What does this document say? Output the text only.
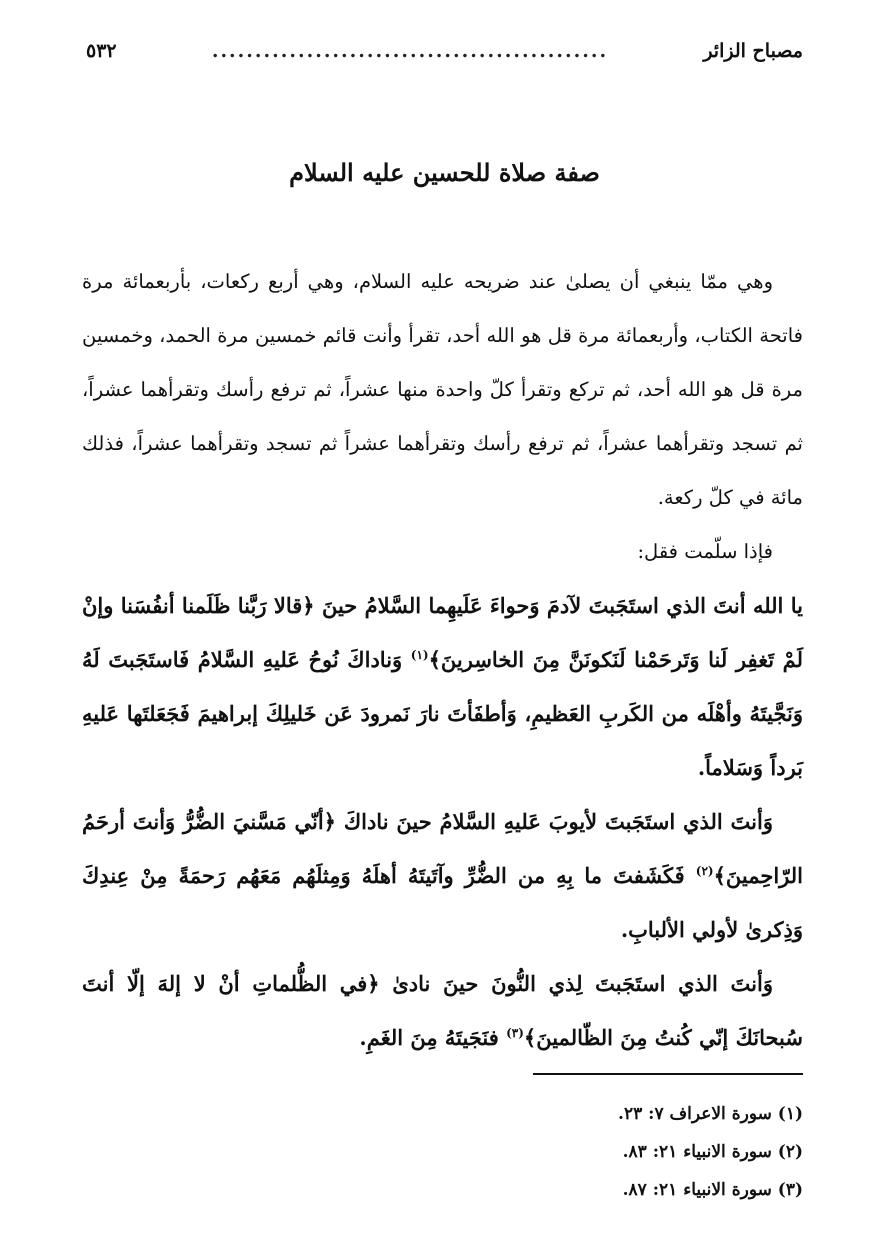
مصباح الزائر
..............................................
٥٣٢
صفة صلاة للحسين عليه السلام

وهي ممّا ينبغي أن يصلىٰ عند ضريحه عليه السلام، وهي أربع ركعات، بأربعمائة مرة فاتحة الكتاب، وأربعمائة مرة قل هو الله أحد، تقرأ وأنت قائم خمسين مرة الحمد، وخمسين مرة قل هو الله أحد، ثم تركع وتقرأ كلّ واحدة منها عشراً، ثم ترفع رأسك وتقرأهما عشراً، ثم تسجد وتقرأهما عشراً، ثم ترفع رأسك وتقرأهما عشراً ثم تسجد وتقرأهما عشراً، فذلك مائة في كلّ ركعة.

فإذا سلّمت فقل:

يا الله أنتَ الذي استَجَبتَ لآدمَ وَحواءَ عَلَيهِما السَّلامُ حينَ ﴿قالا رَبَّنا ظَلَمنا أنفُسَنا وإنْ لَمْ تَغفِر لَنا وَتَرحَمْنا لَنَكونَنَّ مِنَ الخاسِرينَ﴾$^{(١)}$ وَناداكَ نُوحُ عَليهِ السَّلامُ فَاستَجَبتَ لَهُ وَنَجَّيتَهُ وأهْلَه من الكَربِ العَظيمِ، وَأطفَأتَ نارَ نَمرودَ عَن خَليلِكَ إبراهيمَ فَجَعَلتَها عَليهِ بَرداً وَسَلاماً.

وَأنتَ الذي استَجَبتَ لأيوبَ عَليهِ السَّلامُ حينَ ناداكَ ﴿أنّي مَسَّنيَ الضُّرُّ وَأنتَ أرحَمُ الرّاحِمينَ﴾$^{(٢)}$ فَكَشَفتَ ما بِهِ من الضُّرِّ وآتَيتَهُ أهلَهُ وَمِثلَهُم مَعَهُم رَحمَةً مِنْ عِندِكَ وَذِكرىٰ لأولي الألبابِ.

وَأنتَ الذي استَجَبتَ لِذي النُّونَ حينَ نادىٰ ﴿في الظُّلماتِ أنْ لا إلهَ إلّا أنتَ سُبحانَكَ إنّي كُنتُ مِنَ الظّالمينَ﴾$^{(٣)}$ فنَجَيتَهُ مِنَ الغَمِ.

(١) سورة الاعراف ٧: ٢٣.

(٢) سورة الانبياء ٢١: ٨٣.

(٣) سورة الانبياء ٢١: ٨٧.
